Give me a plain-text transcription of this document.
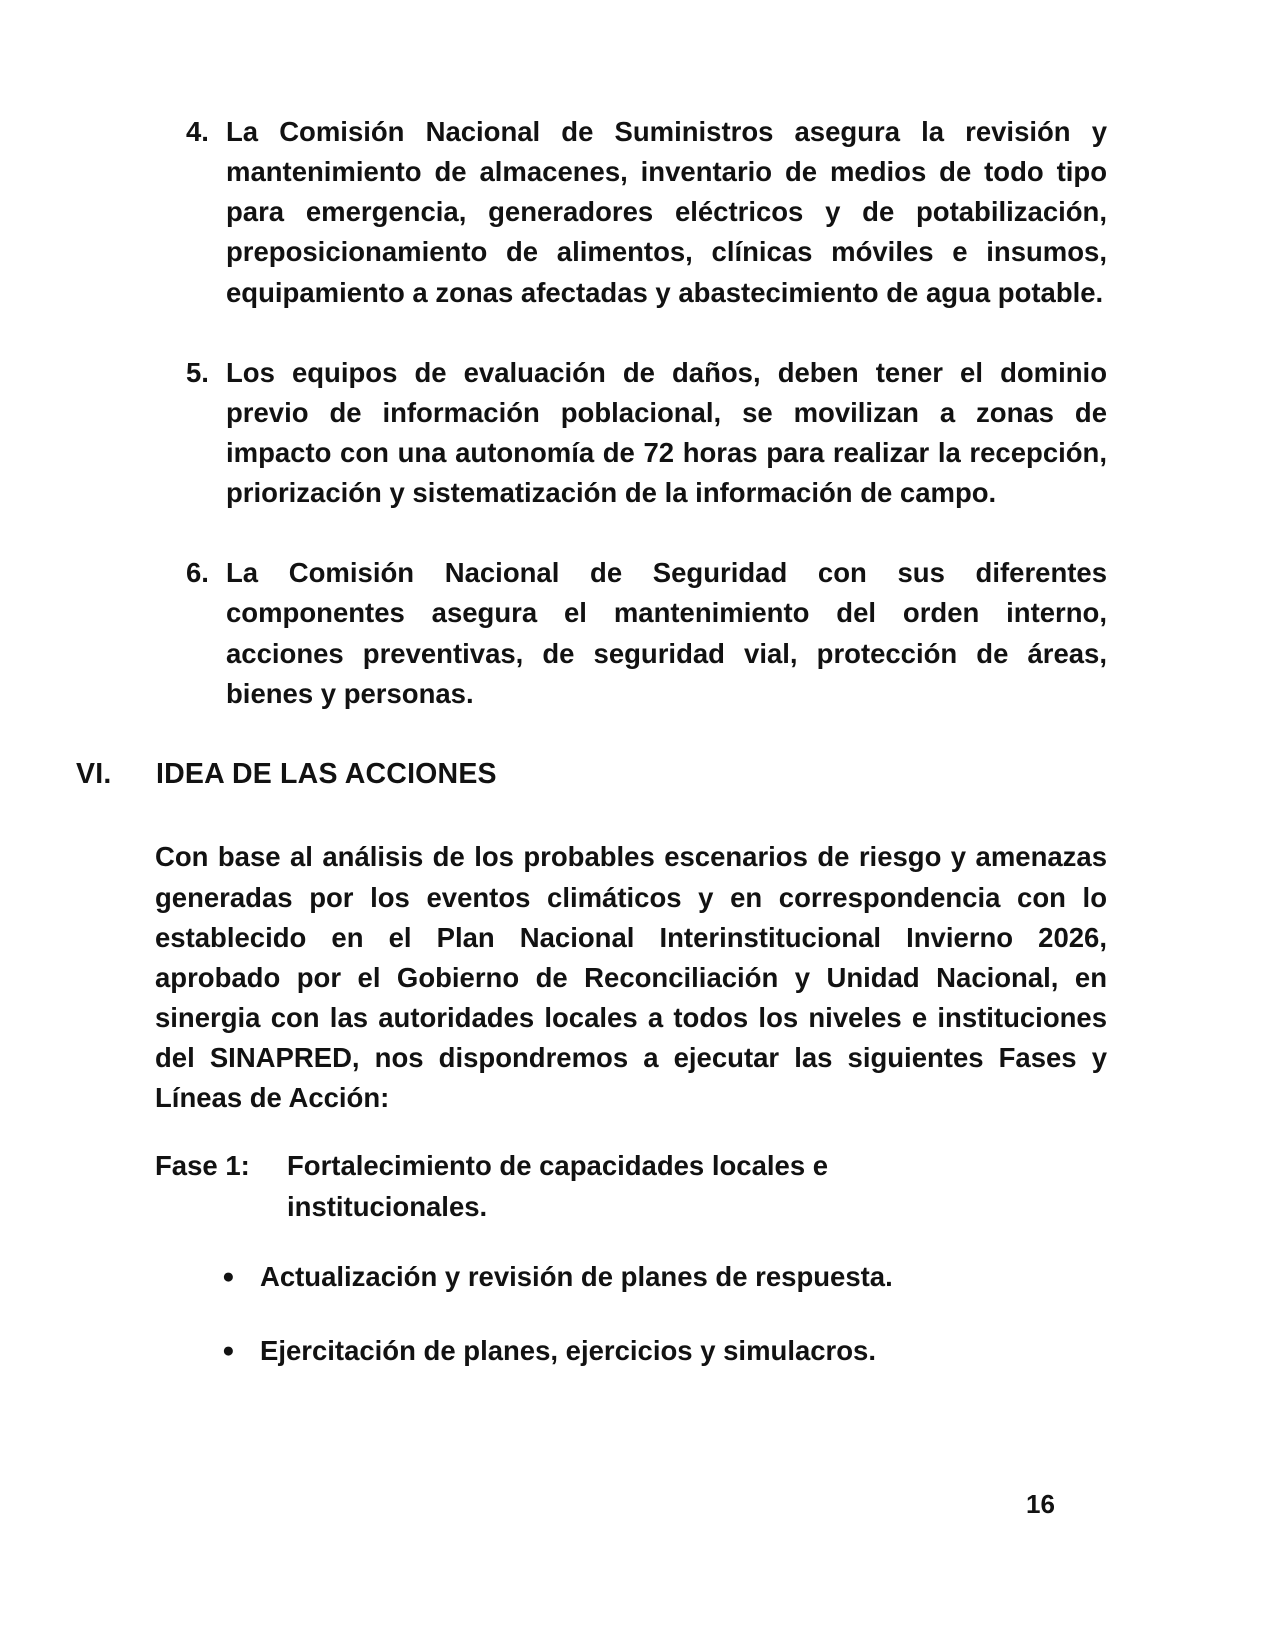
4. La Comisión Nacional de Suministros asegura la revisión y mantenimiento de almacenes, inventario de medios de todo tipo para emergencia, generadores eléctricos y de potabilización, preposicionamiento de alimentos, clínicas móviles e insumos, equipamiento a zonas afectadas y abastecimiento de agua potable.
5. Los equipos de evaluación de daños, deben tener el dominio previo de información poblacional, se movilizan a zonas de impacto con una autonomía de 72 horas para realizar la recepción, priorización y sistematización de la información de campo.
6. La Comisión Nacional de Seguridad con sus diferentes componentes asegura el mantenimiento del orden interno, acciones preventivas, de seguridad vial, protección de áreas, bienes y personas.
VI.	IDEA DE LAS ACCIONES
Con base al análisis de los probables escenarios de riesgo y amenazas generadas por los eventos climáticos y en correspondencia con lo establecido en el Plan Nacional Interinstitucional Invierno 2026, aprobado por el Gobierno de Reconciliación y Unidad Nacional, en sinergia con las autoridades locales a todos los niveles e instituciones del SINAPRED, nos dispondremos a ejecutar las siguientes Fases y Líneas de Acción:
Fase 1:	Fortalecimiento de capacidades locales e institucionales.
● Actualización y revisión de planes de respuesta.
● Ejercitación de planes, ejercicios y simulacros.
16
